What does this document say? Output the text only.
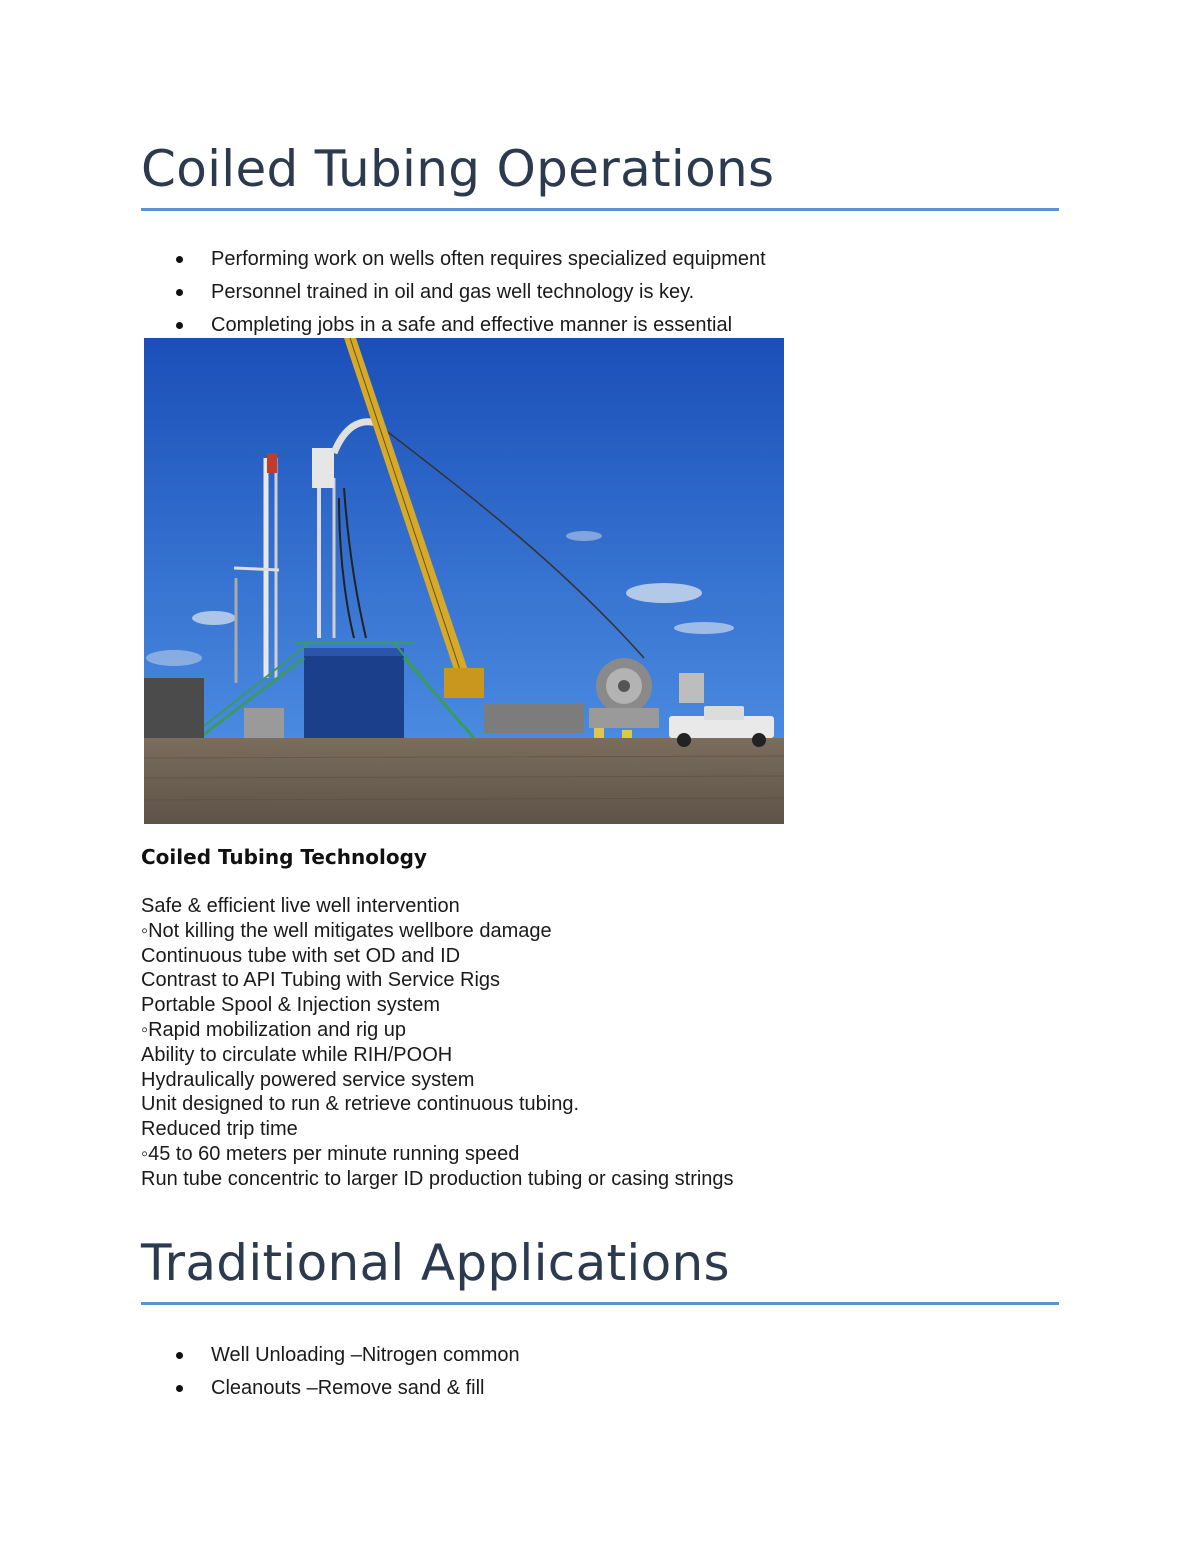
Coiled Tubing Operations
Performing work on wells often requires specialized equipment
Personnel trained in oil and gas well technology is key.
Completing jobs in a safe and effective manner is essential
Coiled Tubing Technology
Safe & efficient live well intervention
◦Not killing the well mitigates wellbore damage
Continuous tube with set OD and ID
Contrast to API Tubing with Service Rigs
Portable Spool & Injection system
◦Rapid mobilization and rig up
Ability to circulate while RIH/POOH
Hydraulically powered service system
Unit designed to run & retrieve continuous tubing.
Reduced trip time
◦45 to 60 meters per minute running speed
Run tube concentric to larger ID production tubing or casing strings
Traditional Applications
Well Unloading –Nitrogen common
Cleanouts –Remove sand & fill
